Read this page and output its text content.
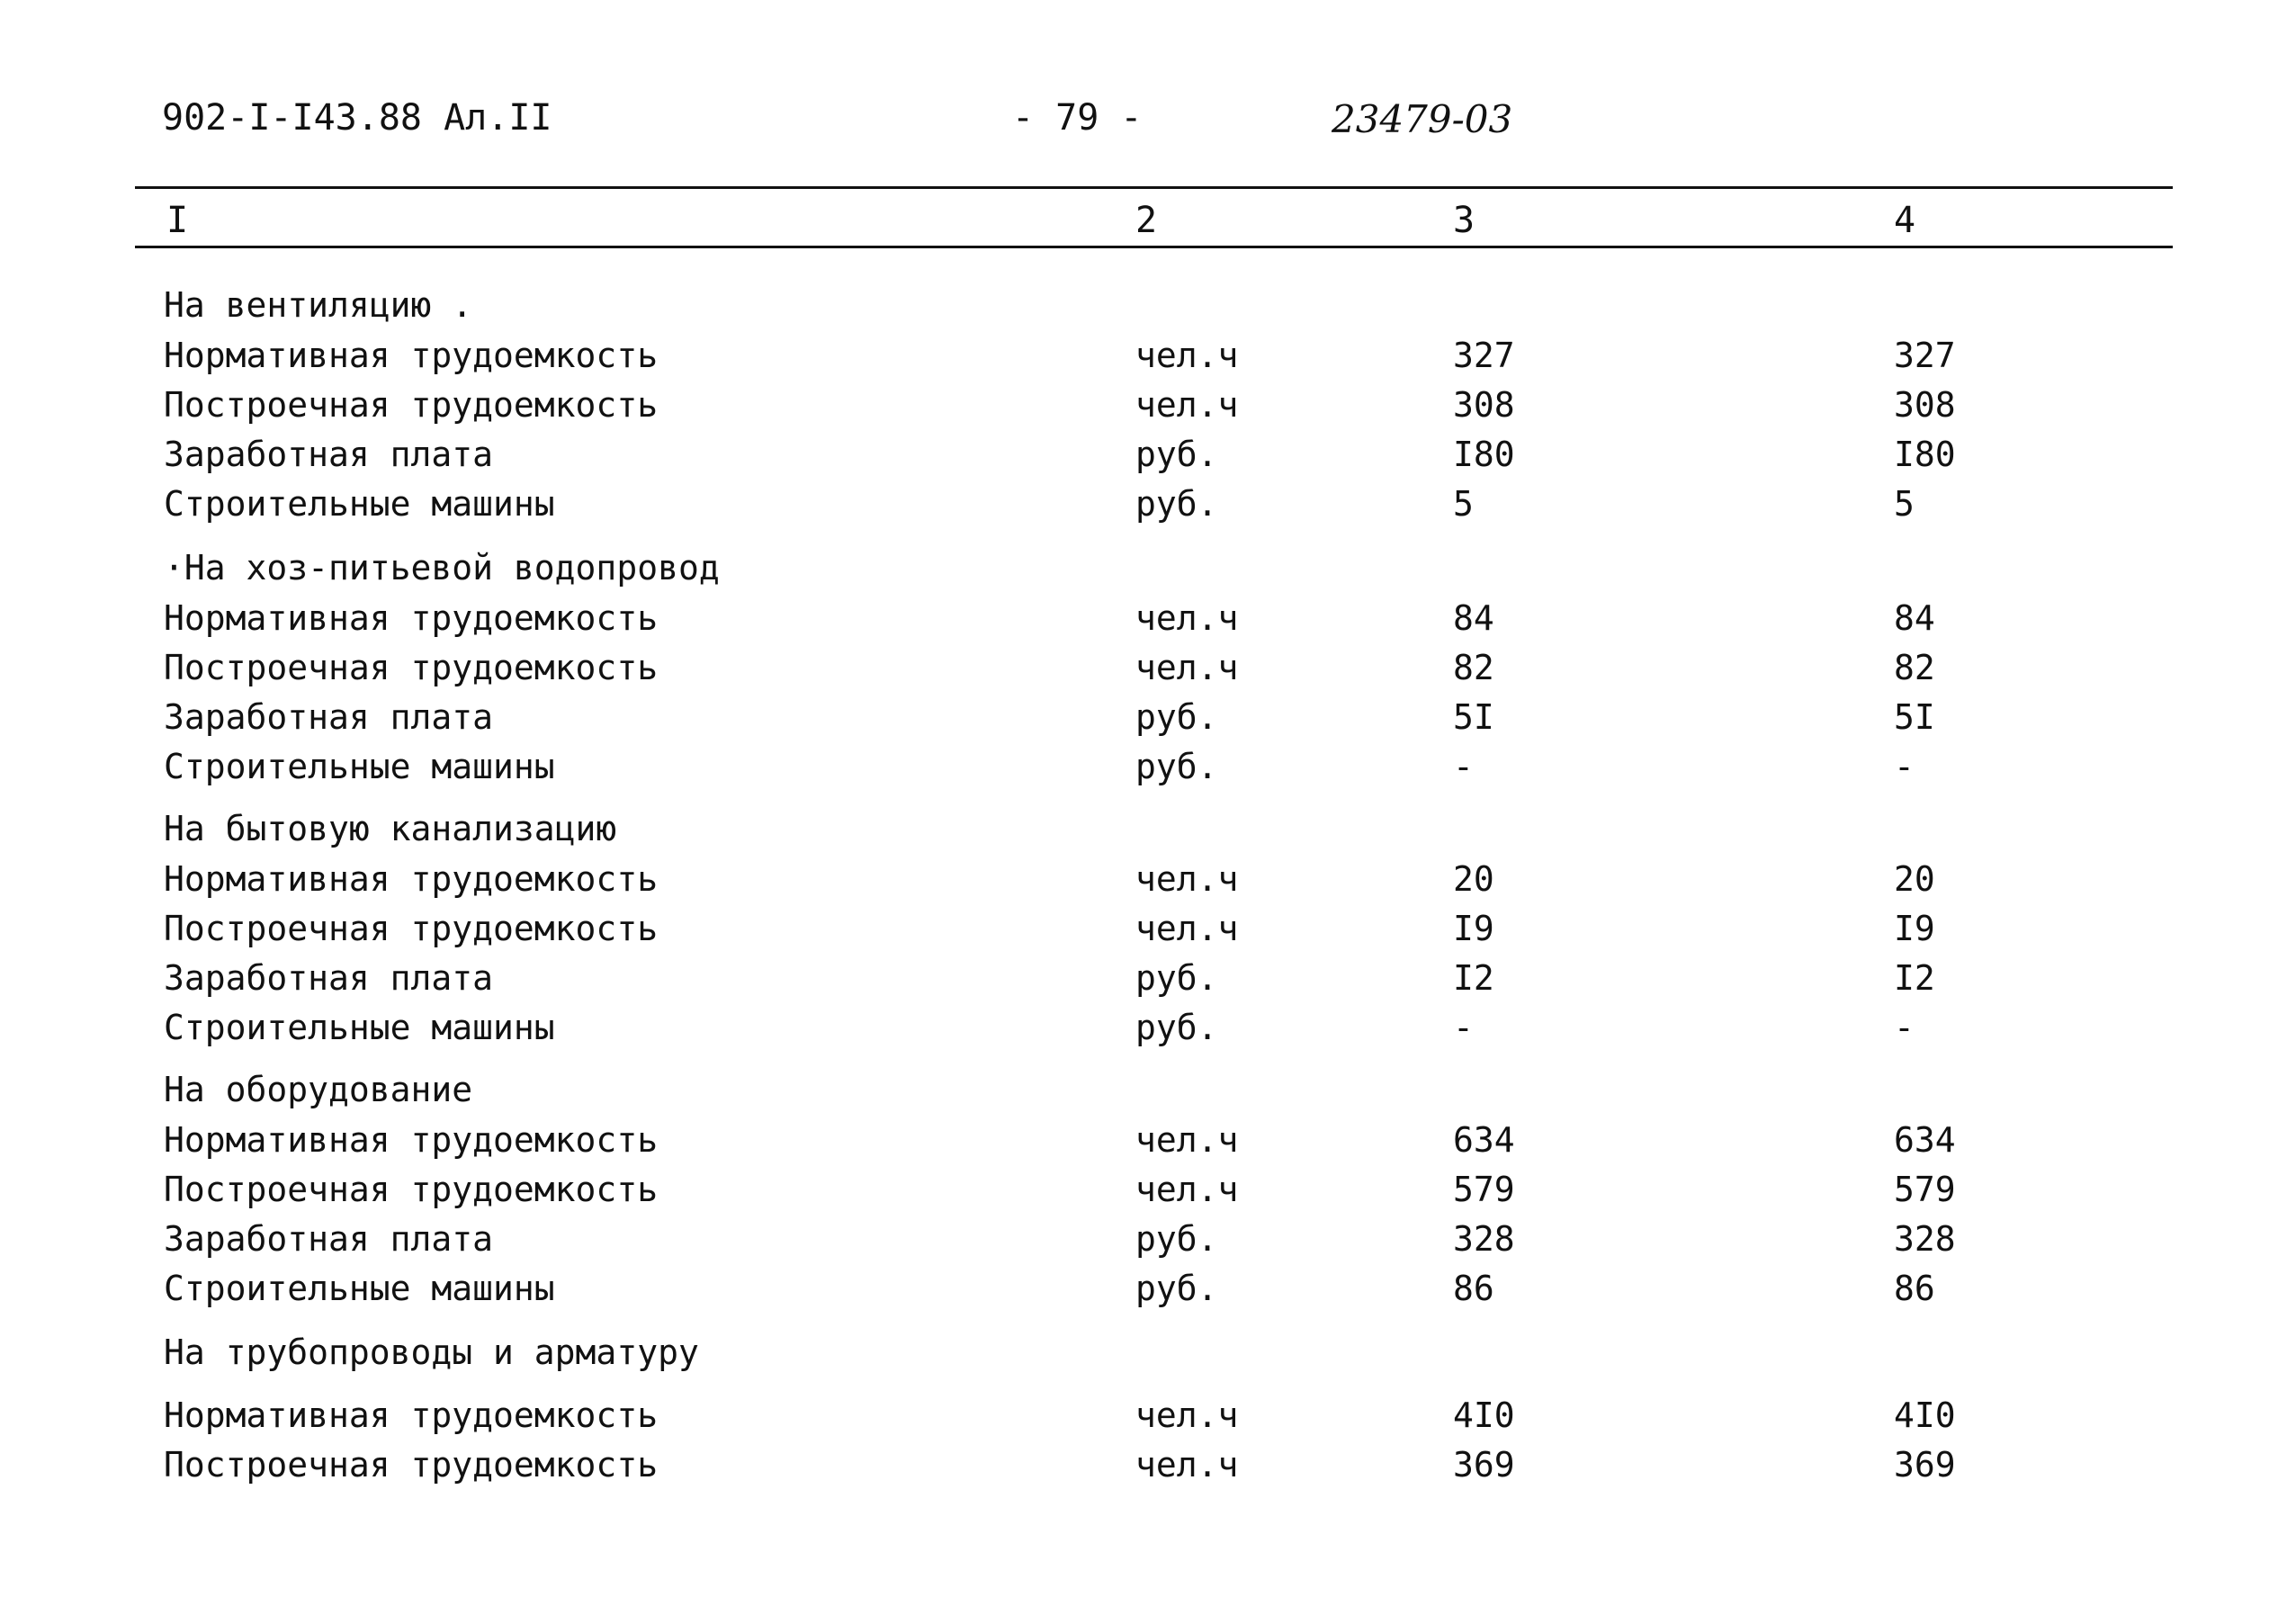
902-I-I43.88 Ал.II	- 79 -	23479-03
I	2	3	4
На вентиляцию .
Нормативная трудоемкость	чел.ч	327	327
Построечная трудоемкость	чел.ч	308	308
Заработная плата	руб.	I80	I80
Строительные машины	руб.	5	5
·На хоз-питьевой водопровод
Нормативная трудоемкость	чел.ч	84	84
Построечная трудоемкость	чел.ч	82	82
Заработная плата	руб.	5I	5I
Строительные машины	руб.	-	-
На бытовую канализацию
Нормативная трудоемкость	чел.ч	20	20
Построечная трудоемкость	чел.ч	I9	I9
Заработная плата	руб.	I2	I2
Строительные машины	руб.	-	-
На оборудование
Нормативная трудоемкость	чел.ч	634	634
Построечная трудоемкость	чел.ч	579	579
Заработная плата	руб.	328	328
Строительные машины	руб.	86	86
На трубопроводы и арматуру
Нормативная трудоемкость	чел.ч	4I0	4I0
Построечная трудоемкость	чел.ч	369	369
